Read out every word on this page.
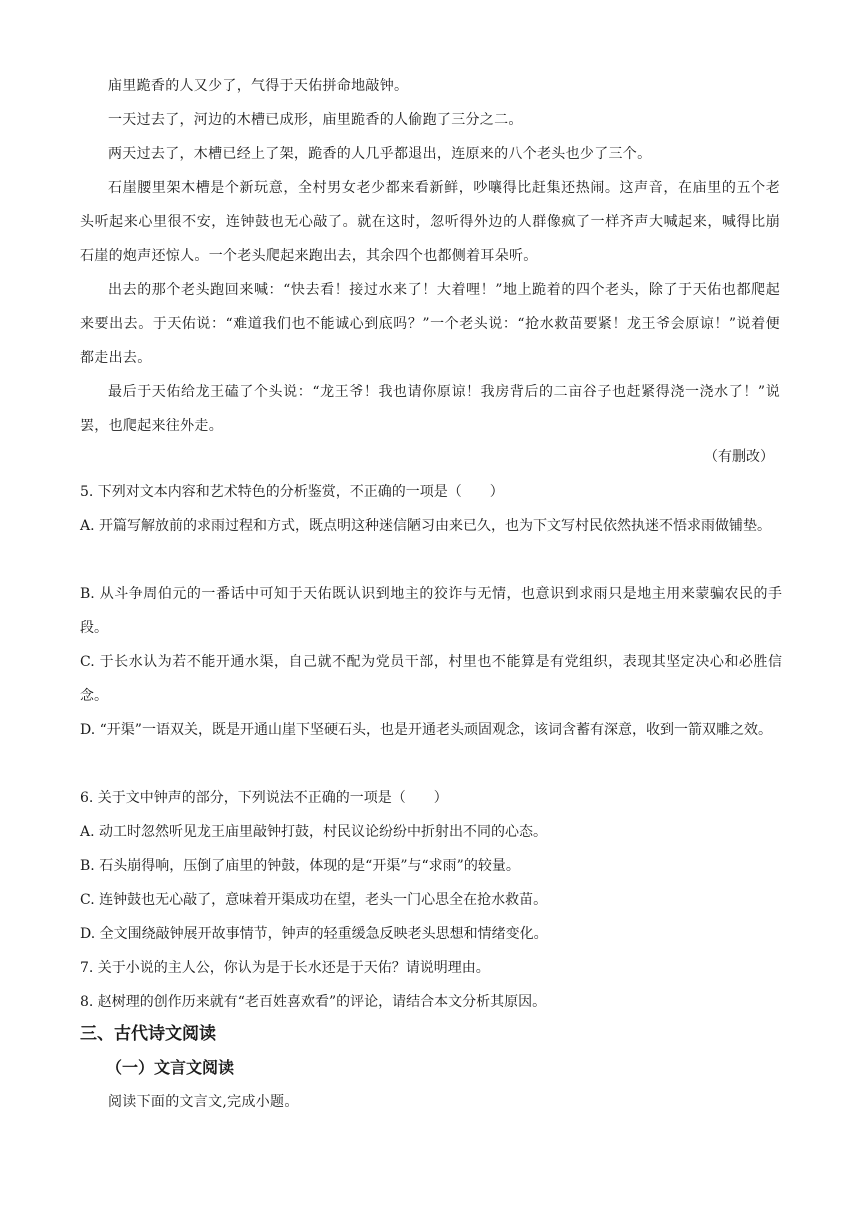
庙里跪香的人又少了，气得于天佑拼命地敲钟。

一天过去了，河边的木槽已成形，庙里跪香的人偷跑了三分之二。

两天过去了，木槽已经上了架，跪香的人几乎都退出，连原来的八个老头也少了三个。

石崖腰里架木槽是个新玩意，全村男女老少都来看新鲜，吵嚷得比赶集还热闹。这声音，在庙里的五个老头听起来心里很不安，连钟鼓也无心敲了。就在这时，忽听得外边的人群像疯了一样齐声大喊起来，喊得比崩石崖的炮声还惊人。一个老头爬起来跑出去，其余四个也都侧着耳朵听。

出去的那个老头跑回来喊：“快去看！接过水来了！大着哩！”地上跪着的四个老头，除了于天佑也都爬起来要出去。于天佑说：“难道我们也不能诚心到底吗？”一个老头说：“抢水救苗要紧！龙王爷会原谅！”说着便都走出去。

最后于天佑给龙王磕了个头说：“龙王爷！我也请你原谅！我房背后的二亩谷子也赶紧得浇一浇水了！”说罢，也爬起来往外走。

（有删改）

5. 下列对文本内容和艺术特色的分析鉴赏，不正确的一项是（　　）

A. 开篇写解放前的求雨过程和方式，既点明这种迷信陋习由来已久，也为下文写村民依然执迷不悟求雨做铺垫。

B. 从斗争周伯元的一番话中可知于天佑既认识到地主的狡诈与无情，也意识到求雨只是地主用来蒙骗农民的手段。

C. 于长水认为若不能开通水渠，自己就不配为党员干部，村里也不能算是有党组织，表现其坚定决心和必胜信念。

D. “开渠”一语双关，既是开通山崖下坚硬石头，也是开通老头顽固观念，该词含蓄有深意，收到一箭双雕之效。

6. 关于文中钟声的部分，下列说法不正确的一项是（　　）

A. 动工时忽然听见龙王庙里敲钟打鼓，村民议论纷纷中折射出不同的心态。

B. 石头崩得响，压倒了庙里的钟鼓，体现的是“开渠”与“求雨”的较量。

C. 连钟鼓也无心敲了，意味着开渠成功在望，老头一门心思全在抢水救苗。

D. 全文围绕敲钟展开故事情节，钟声的轻重缓急反映老头思想和情绪变化。

7. 关于小说的主人公，你认为是于长水还是于天佑？请说明理由。

8. 赵树理的创作历来就有“老百姓喜欢看”的评论，请结合本文分析其原因。

三、古代诗文阅读
（一）文言文阅读

阅读下面的文言文,完成小题。
